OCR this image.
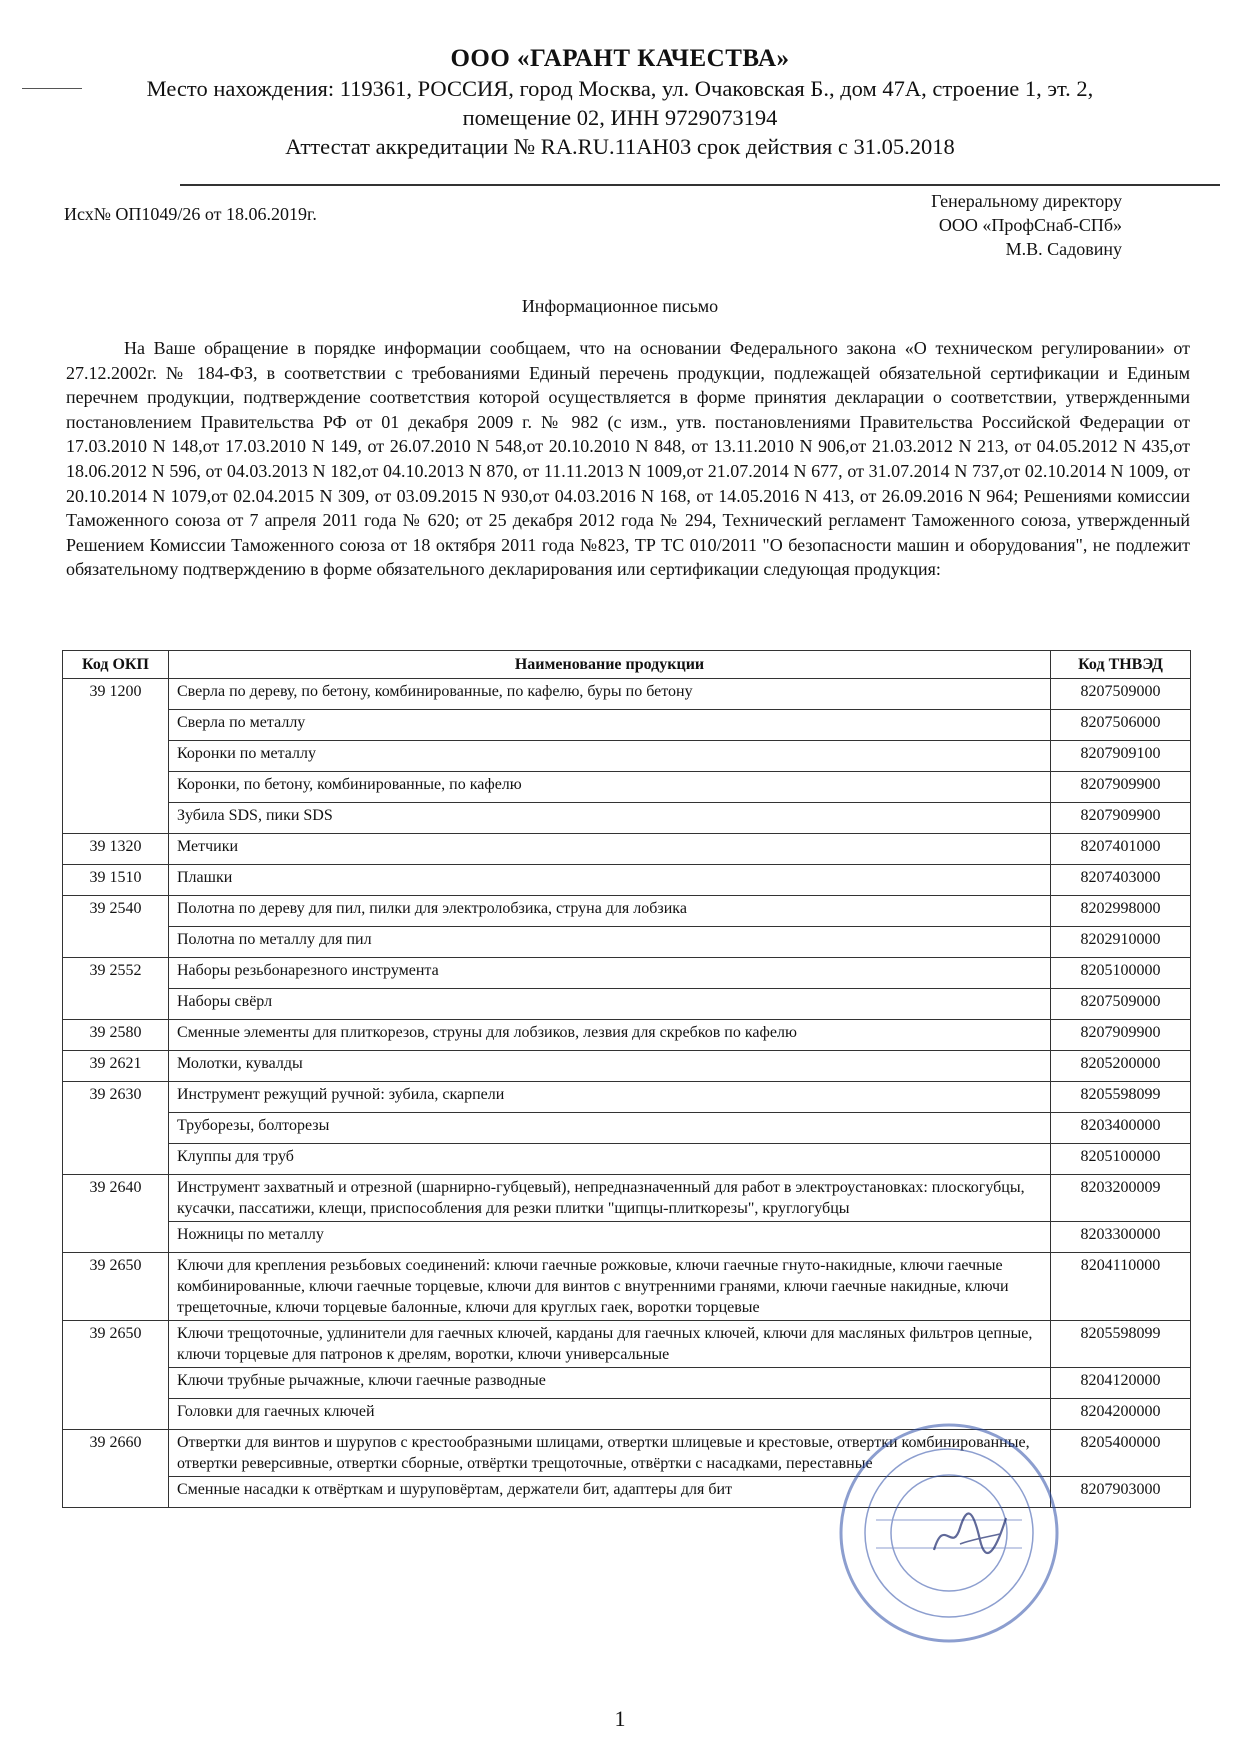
ООО «ГАРАНТ КАЧЕСТВА»
Место нахождения: 119361, РОССИЯ, город Москва, ул. Очаковская Б., дом 47А, строение 1, эт. 2,
помещение 02, ИНН 9729073194
Аттестат аккредитации № RA.RU.11АН03 срок действия с 31.05.2018
Исх№ ОП1049/26 от 18.06.2019г.
Генеральному директору
ООО «ПрофСнаб-СПб»
М.В. Садовину
Информационное письмо

На Ваше обращение в порядке информации сообщаем, что на основании Федерального закона «О техническом регулировании» от 27.12.2002г. № 184-ФЗ, в соответствии с требованиями Единый перечень продукции, подлежащей обязательной сертификации и Единым перечнем продукции, подтверждение соответствия которой осуществляется в форме принятия декларации о соответствии, утвержденными постановлением Правительства РФ от 01 декабря 2009 г. № 982 (с изм., утв. постановлениями Правительства Российской Федерации от 17.03.2010 N 148,от 17.03.2010 N 149, от 26.07.2010 N 548,от 20.10.2010 N 848, от 13.11.2010 N 906,от 21.03.2012 N 213, от 04.05.2012 N 435,от 18.06.2012 N 596, от 04.03.2013 N 182,от 04.10.2013 N 870, от 11.11.2013 N 1009,от 21.07.2014 N 677, от 31.07.2014 N 737,от 02.10.2014 N 1009, от 20.10.2014 N 1079,от 02.04.2015 N 309, от 03.09.2015 N 930,от 04.03.2016 N 168, от 14.05.2016 N 413, от 26.09.2016 N 964; Решениями комиссии Таможенного союза от 7 апреля 2011 года № 620; от 25 декабря 2012 года № 294, Технический регламент Таможенного союза, утвержденный Решением Комиссии Таможенного союза от 18 октября 2011 года №823, ТР ТС 010/2011 "О безопасности машин и оборудования", не подлежит обязательному подтверждению в форме обязательного декларирования или сертификации следующая продукция:

Код ОКП	Наименование продукции	Код ТНВЭД
39 1200	Сверла по дереву, по бетону, комбинированные, по кафелю, буры по бетону	8207509000
	Сверла по металлу	8207506000
	Коронки по металлу	8207909100
	Коронки, по бетону, комбинированные, по кафелю	8207909900
	Зубила SDS, пики SDS	8207909900
39 1320	Метчики	8207401000
39 1510	Плашки	8207403000
39 2540	Полотна по дереву для пил, пилки для электролобзика, струна для лобзика	8202998000
	Полотна по металлу для пил	8202910000
39 2552	Наборы резьбонарезного инструмента	8205100000
	Наборы свёрл	8207509000
39 2580	Сменные элементы для плиткорезов, струны для лобзиков, лезвия для скребков по кафелю	8207909900
39 2621	Молотки, кувалды	8205200000
39 2630	Инструмент режущий ручной: зубила, скарпели	8205598099
	Труборезы, болторезы	8203400000
	Клуппы для труб	8205100000
39 2640	Инструмент захватный и отрезной (шарнирно-губцевый), непредназначенный для работ в электроустановках: плоскогубцы, кусачки, пассатижи, клещи, приспособления для резки плитки "щипцы-плиткорезы", круглогубцы	8203200009
	Ножницы по металлу	8203300000
39 2650	Ключи для крепления резьбовых соединений: ключи гаечные рожковые, ключи гаечные гнуто-накидные, ключи гаечные комбинированные, ключи гаечные торцевые, ключи для винтов с внутренними гранями, ключи гаечные накидные, ключи трещеточные, ключи торцевые балонные, ключи для круглых гаек, воротки торцевые	8204110000
39 2650	Ключи трещоточные, удлинители для гаечных ключей, карданы для гаечных ключей, ключи для масляных фильтров цепные, ключи торцевые для патронов к дрелям, воротки, ключи универсальные	8205598099
	Ключи трубные рычажные, ключи гаечные разводные	8204120000
	Головки для гаечных ключей	8204200000
39 2660	Отвертки для винтов и шурупов с крестообразными шлицами, отвертки шлицевые и крестовые, отвертки комбинированные, отвертки реверсивные, отвертки сборные, отвёртки трещоточные, отвёртки с насадками, переставные	8205400000
	Сменные насадки к отвёрткам и шуруповёртам, держатели бит, адаптеры для бит	8207903000
1
